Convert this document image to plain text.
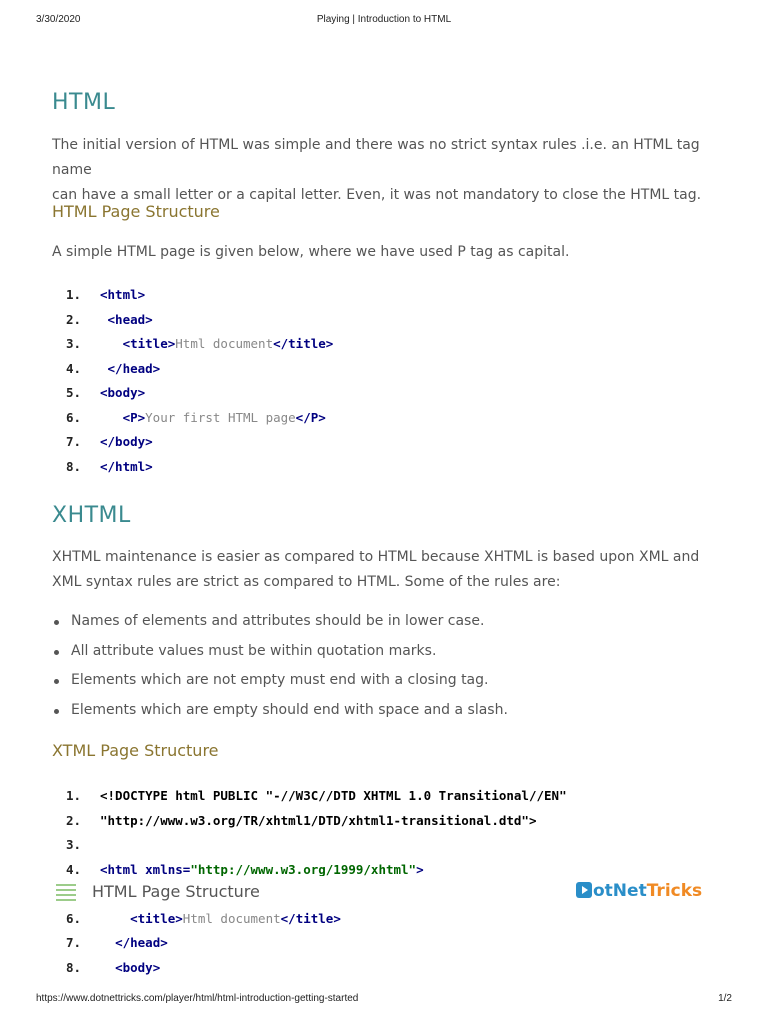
3/30/2020	Playing | Introduction to HTML
HTML

The initial version of HTML was simple and there was no strict syntax rules .i.e. an HTML tag name
can have a small letter or a capital letter. Even, it was not mandatory to close the HTML tag.

HTML Page Structure

A simple HTML page is given below, where we have used P tag as capital.

1. <html>
2. <head>
3.	<title>Html document</title>
4. </head>
5. <body>
6.	<P>Your first HTML page</P>
7. </body>
8. </html>
XHTML

XHTML maintenance is easier as compared to HTML because XHTML is based upon XML and
XML syntax rules are strict as compared to HTML. Some of the rules are:

Names of elements and attributes should be in lower case.
All attribute values must be within quotation marks.
Elements which are not empty must end with a closing tag.
Elements which are empty should end with space and a slash.
XTML Page Structure
1. <!DOCTYPE html PUBLIC "-//W3C//DTD XHTML 1.0 Transitional//EN"
2. "http://www.w3.org/TR/xhtml1/DTD/xhtml1-transitional.dtd">
3.
4. <html xmlns="http://www.w3.org/1999/xhtml">
6.	<title>Html document</title>
7.	</head>
8.	<body>
HTML Page Structure	otNetTricks
https://www.dotnettricks.com/player/html/html-introduction-getting-started	1/2
